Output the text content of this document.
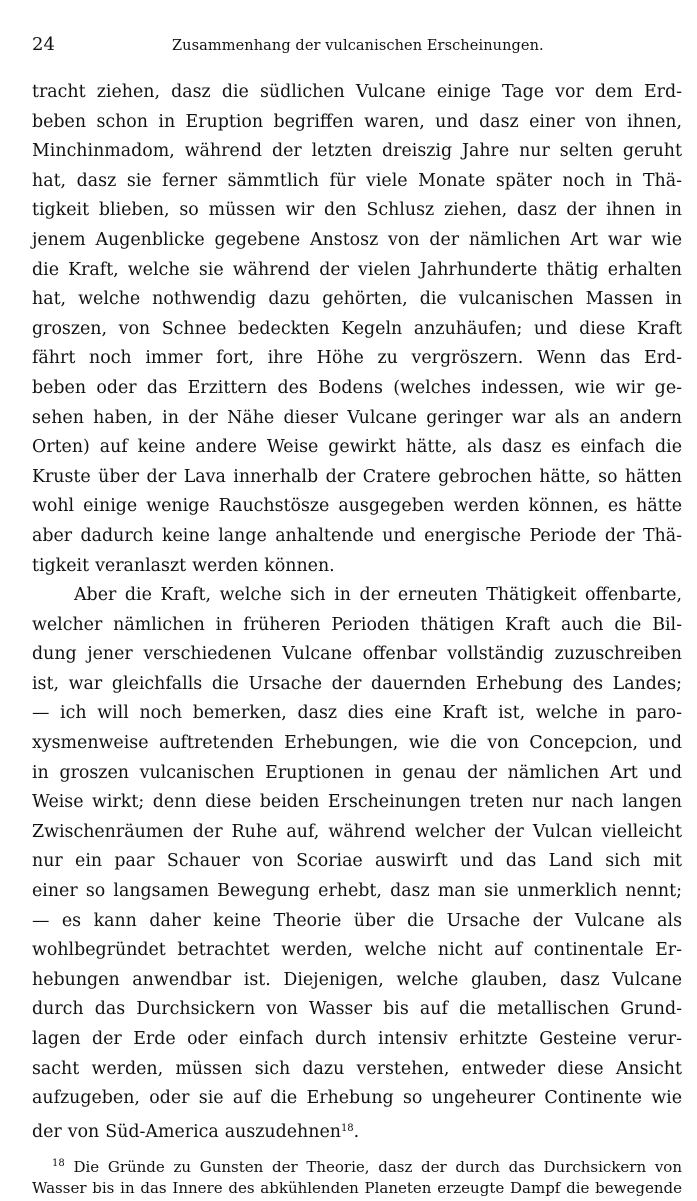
24	Zusammenhang der vulcanischen Erscheinungen.
tracht ziehen, dasz die südlichen Vulcane einige Tage vor dem Erd-
beben schon in Eruption begriffen waren, und dasz einer von ihnen,
Minchinmadom, während der letzten dreiszig Jahre nur selten geruht
hat, dasz sie ferner sämmtlich für viele Monate später noch in Thä-
tigkeit blieben, so müssen wir den Schlusz ziehen, dasz der ihnen in
jenem Augenblicke gegebene Anstosz von der nämlichen Art war wie
die Kraft, welche sie während der vielen Jahrhunderte thätig erhalten
hat, welche nothwendig dazu gehörten, die vulcanischen Massen in
groszen, von Schnee bedeckten Kegeln anzuhäufen; und diese Kraft
fährt noch immer fort, ihre Höhe zu vergröszern. Wenn das Erd-
beben oder das Erzittern des Bodens (welches indessen, wie wir ge-
sehen haben, in der Nähe dieser Vulcane geringer war als an andern
Orten) auf keine andere Weise gewirkt hätte, als dasz es einfach die
Kruste über der Lava innerhalb der Cratere gebrochen hätte, so hätten
wohl einige wenige Rauchstösze ausgegeben werden können, es hätte
aber dadurch keine lange anhaltende und energische Periode der Thä-
tigkeit veranlaszt werden können.
Aber die Kraft, welche sich in der erneuten Thätigkeit offenbarte,
welcher nämlichen in früheren Perioden thätigen Kraft auch die Bil-
dung jener verschiedenen Vulcane offenbar vollständig zuzuschreiben
ist, war gleichfalls die Ursache der dauernden Erhebung des Landes;
— ich will noch bemerken, dasz dies eine Kraft ist, welche in paro-
xysmenweise auftretenden Erhebungen, wie die von Concepcion, und
in groszen vulcanischen Eruptionen in genau der nämlichen Art und
Weise wirkt; denn diese beiden Erscheinungen treten nur nach langen
Zwischenräumen der Ruhe auf, während welcher der Vulcan vielleicht
nur ein paar Schauer von Scoriae auswirft und das Land sich mit
einer so langsamen Bewegung erhebt, dasz man sie unmerklich nennt;
— es kann daher keine Theorie über die Ursache der Vulcane als
wohlbegründet betrachtet werden, welche nicht auf continentale Er-
hebungen anwendbar ist. Diejenigen, welche glauben, dasz Vulcane
durch das Durchsickern von Wasser bis auf die metallischen Grund-
lagen der Erde oder einfach durch intensiv erhitzte Gesteine verur-
sacht werden, müssen sich dazu verstehen, entweder diese Ansicht
aufzugeben, oder sie auf die Erhebung so ungeheurer Continente wie
der von Süd-America auszudehnen$^{18}$.
$^{18}$ Die Gründe zu Gunsten der Theorie, dasz der durch das Durchsickern von
Wasser bis in das Innere des abkühlenden Planeten erzeugte Dampf die bewegende
